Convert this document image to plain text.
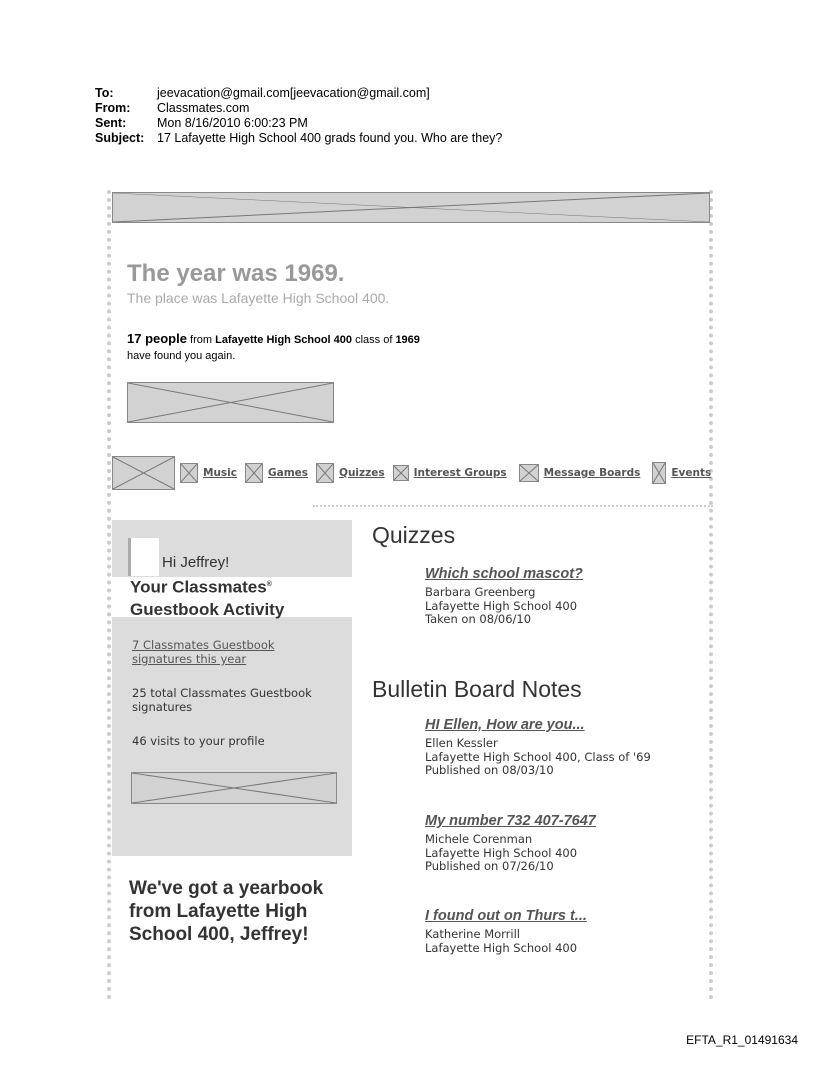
To:	jeevacation@gmail.com[jeevacation@gmail.com]
From:	Classmates.com
Sent:	Mon 8/16/2010 6:00:23 PM
Subject:	17 Lafayette High School 400 grads found you. Who are they?
The year was 1969.
The place was Lafayette High School 400.
17 people from Lafayette High School 400 class of 1969
have found you again.
Music	Games	Quizzes	Interest Groups	Message Boards	Events
Hi Jeffrey!
Your Classmates®
Guestbook Activity
7 Classmates Guestbook signatures this year
25 total Classmates Guestbook signatures
46 visits to your profile
We've got a yearbook from Lafayette High School 400, Jeffrey!
Quizzes
Which school mascot?
Barbara Greenberg
Lafayette High School 400
Taken on 08/06/10
Bulletin Board Notes
HI Ellen, How are you...
Ellen Kessler
Lafayette High School 400, Class of '69
Published on 08/03/10
My number 732 407-7647
Michele Corenman
Lafayette High School 400
Published on 07/26/10
I found out on Thurs t...
Katherine Morrill
Lafayette High School 400
EFTA_R1_01491634
